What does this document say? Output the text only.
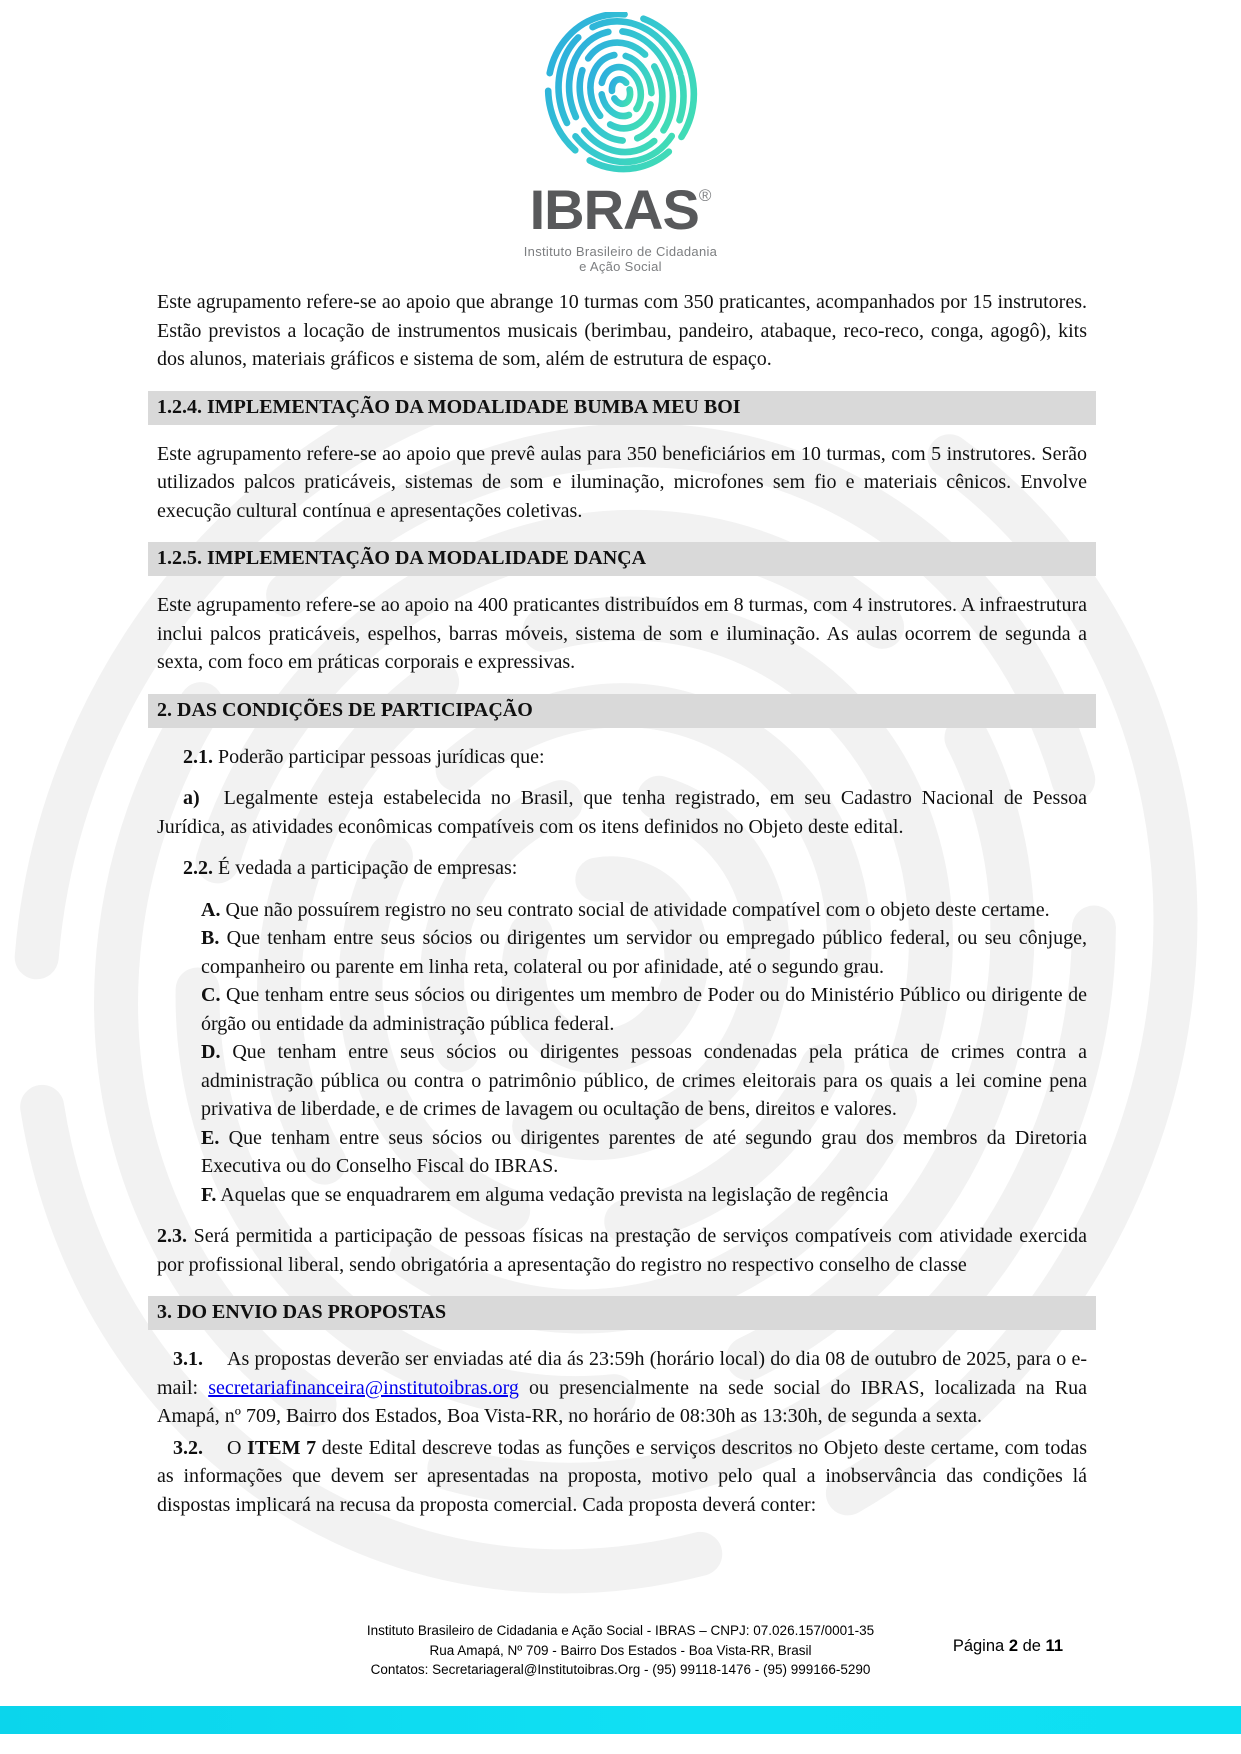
IBRAS®
Instituto Brasileiro de Cidadania
e Ação Social

Este agrupamento refere-se ao apoio que abrange 10 turmas com 350 praticantes, acompanhados por 15 instrutores. Estão previstos a locação de instrumentos musicais (berimbau, pandeiro, atabaque, reco-reco, conga, agogô), kits dos alunos, materiais gráficos e sistema de som, além de estrutura de espaço.

1.2.4. IMPLEMENTAÇÃO DA MODALIDADE BUMBA MEU BOI

Este agrupamento refere-se ao apoio que prevê aulas para 350 beneficiários em 10 turmas, com 5 instrutores. Serão utilizados palcos praticáveis, sistemas de som e iluminação, microfones sem fio e materiais cênicos. Envolve execução cultural contínua e apresentações coletivas.

1.2.5. IMPLEMENTAÇÃO DA MODALIDADE DANÇA

Este agrupamento refere-se ao apoio na 400 praticantes distribuídos em 8 turmas, com 4 instrutores. A infraestrutura inclui palcos praticáveis, espelhos, barras móveis, sistema de som e iluminação. As aulas ocorrem de segunda a sexta, com foco em práticas corporais e expressivas.

2. DAS CONDIÇÕES DE PARTICIPAÇÃO

2.1. Poderão participar pessoas jurídicas que:

a) Legalmente esteja estabelecida no Brasil, que tenha registrado, em seu Cadastro Nacional de Pessoa Jurídica, as atividades econômicas compatíveis com os itens definidos no Objeto deste edital.

2.2. É vedada a participação de empresas:

A. Que não possuírem registro no seu contrato social de atividade compatível com o objeto deste certame.

B. Que tenham entre seus sócios ou dirigentes um servidor ou empregado público federal, ou seu cônjuge, companheiro ou parente em linha reta, colateral ou por afinidade, até o segundo grau.

C. Que tenham entre seus sócios ou dirigentes um membro de Poder ou do Ministério Público ou dirigente de órgão ou entidade da administração pública federal.

D. Que tenham entre seus sócios ou dirigentes pessoas condenadas pela prática de crimes contra a administração pública ou contra o patrimônio público, de crimes eleitorais para os quais a lei comine pena privativa de liberdade, e de crimes de lavagem ou ocultação de bens, direitos e valores.

E. Que tenham entre seus sócios ou dirigentes parentes de até segundo grau dos membros da Diretoria Executiva ou do Conselho Fiscal do IBRAS.

F. Aquelas que se enquadrarem em alguma vedação prevista na legislação de regência

2.3. Será permitida a participação de pessoas físicas na prestação de serviços compatíveis com atividade exercida por profissional liberal, sendo obrigatória a apresentação do registro no respectivo conselho de classe

3. DO ENVIO DAS PROPOSTAS

3.1. As propostas deverão ser enviadas até dia ás 23:59h (horário local) do dia 08 de outubro de 2025, para o e-mail: secretariafinanceira@institutoibras.org ou presencialmente na sede social do IBRAS, localizada na Rua Amapá, nº 709, Bairro dos Estados, Boa Vista-RR, no horário de 08:30h as 13:30h, de segunda a sexta.

3.2. O ITEM 7 deste Edital descreve todas as funções e serviços descritos no Objeto deste certame, com todas as informações que devem ser apresentadas na proposta, motivo pelo qual a inobservância das condições lá dispostas implicará na recusa da proposta comercial. Cada proposta deverá conter:

Instituto Brasileiro de Cidadania e Ação Social - IBRAS – CNPJ: 07.026.157/0001-35
Rua Amapá, Nº 709 - Bairro Dos Estados - Boa Vista-RR, Brasil
Contatos: Secretariageral@Institutoibras.Org - (95) 99118-1476 - (95) 999166-5290
Página 2 de 11
